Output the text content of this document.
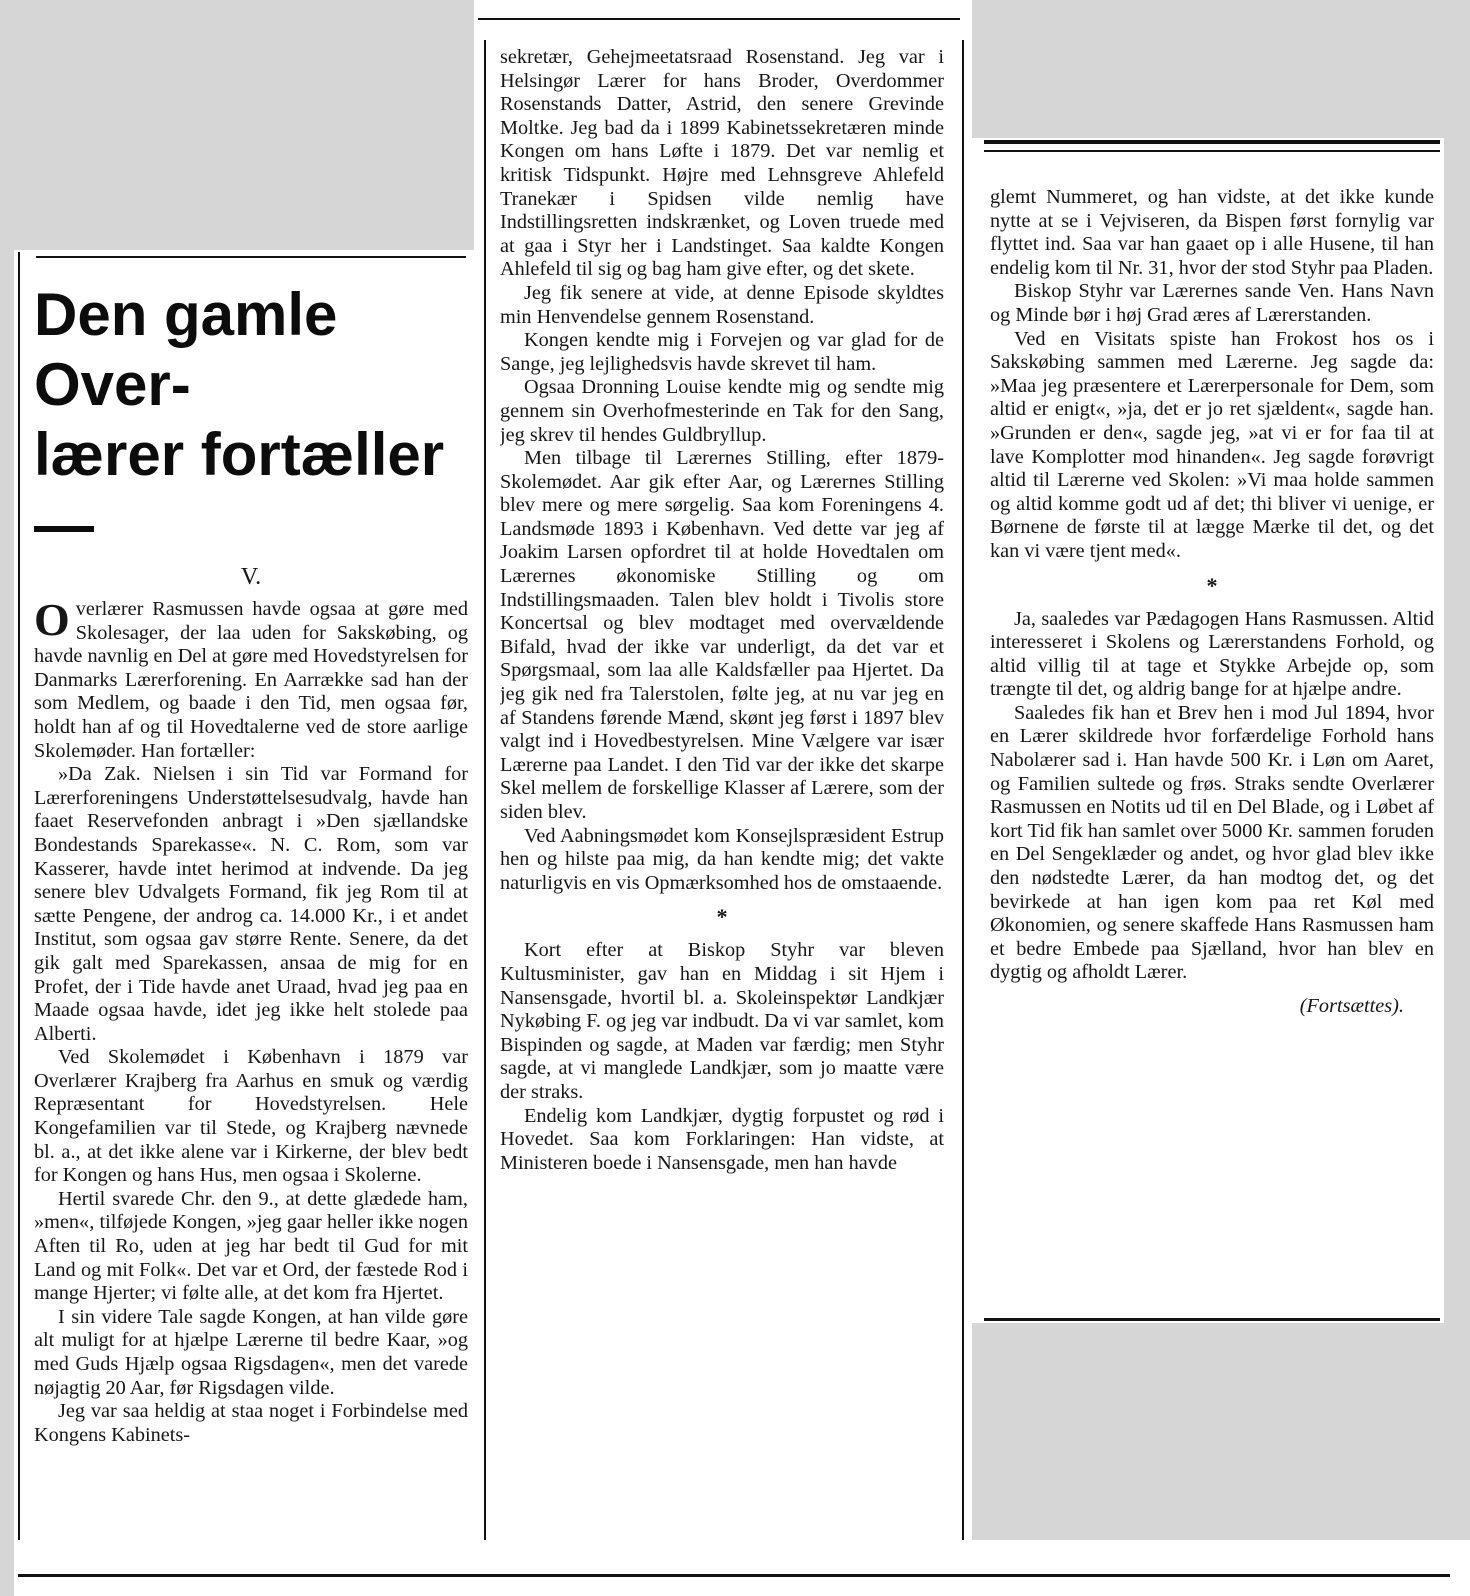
Den gamle Over-
lærer fortæller —
V.

Overlærer Rasmussen havde ogsaa at gøre med Skolesager, der laa uden for Sakskøbing, og havde navnlig en Del at gøre med Hovedstyrelsen for Danmarks Lærerforening. En Aarrække sad han der som Medlem, og baade i den Tid, men ogsaa før, holdt han af og til Hovedtalerne ved de store aarlige Skolemøder. Han fortæller:

»Da Zak. Nielsen i sin Tid var Formand for Lærerforeningens Understøttelsesudvalg, havde han faaet Reservefonden anbragt i »Den sjællandske Bondestands Sparekasse«. N. C. Rom, som var Kasserer, havde intet herimod at indvende. Da jeg senere blev Udvalgets Formand, fik jeg Rom til at sætte Pengene, der androg ca. 14.000 Kr., i et andet Institut, som ogsaa gav større Rente. Senere, da det gik galt med Sparekassen, ansaa de mig for en Profet, der i Tide havde anet Uraad, hvad jeg paa en Maade ogsaa havde, idet jeg ikke helt stolede paa Alberti.

Ved Skolemødet i København i 1879 var Overlærer Krajberg fra Aarhus en smuk og værdig Repræsentant for Hovedstyrelsen. Hele Kongefamilien var til Stede, og Krajberg nævnede bl. a., at det ikke alene var i Kirkerne, der blev bedt for Kongen og hans Hus, men ogsaa i Skolerne.

Hertil svarede Chr. den 9., at dette glædede ham, »men«, tilføjede Kongen, »jeg gaar heller ikke nogen Aften til Ro, uden at jeg har bedt til Gud for mit Land og mit Folk«. Det var et Ord, der fæstede Rod i mange Hjerter; vi følte alle, at det kom fra Hjertet.

I sin videre Tale sagde Kongen, at han vilde gøre alt muligt for at hjælpe Lærerne til bedre Kaar, »og med Guds Hjælp ogsaa Rigsdagen«, men det varede nøjagtig 20 Aar, før Rigsdagen vilde.

Jeg var saa heldig at staa noget i Forbindelse med Kongens Kabinets-

sekretær, Gehejmeetatsraad Rosenstand. Jeg var i Helsingør Lærer for hans Broder, Overdommer Rosenstands Datter, Astrid, den senere Grevinde Moltke. Jeg bad da i 1899 Kabinetssekretæren minde Kongen om hans Løfte i 1879. Det var nemlig et kritisk Tidspunkt. Højre med Lehnsgreve Ahlefeld Tranekær i Spidsen vilde nemlig have Indstillingsretten indskrænket, og Loven truede med at gaa i Styr her i Landstinget. Saa kaldte Kongen Ahlefeld til sig og bag ham give efter, og det skete.

Jeg fik senere at vide, at denne Episode skyldtes min Henvendelse gennem Rosenstand.

Kongen kendte mig i Forvejen og var glad for de Sange, jeg lejlighedsvis havde skrevet til ham.

Ogsaa Dronning Louise kendte mig og sendte mig gennem sin Overhofmesterinde en Tak for den Sang, jeg skrev til hendes Guldbryllup.

Men tilbage til Lærernes Stilling, efter 1879-Skolemødet. Aar gik efter Aar, og Lærernes Stilling blev mere og mere sørgelig. Saa kom Foreningens 4. Landsmøde 1893 i København. Ved dette var jeg af Joakim Larsen opfordret til at holde Hovedtalen om Lærernes økonomiske Stilling og om Indstillingsmaaden. Talen blev holdt i Tivolis store Koncertsal og blev modtaget med overvældende Bifald, hvad der ikke var underligt, da det var et Spørgsmaal, som laa alle Kaldsfæller paa Hjertet. Da jeg gik ned fra Talerstolen, følte jeg, at nu var jeg en af Standens førende Mænd, skønt jeg først i 1897 blev valgt ind i Hovedbestyrelsen. Mine Vælgere var især Lærerne paa Landet. I den Tid var der ikke det skarpe Skel mellem de forskellige Klasser af Lærere, som der siden blev.

Ved Aabningsmødet kom Konsejlspræsident Estrup hen og hilste paa mig, da han kendte mig; det vakte naturligvis en vis Opmærksomhed hos de omstaaende.

*

Kort efter at Biskop Styhr var bleven Kultusminister, gav han en Middag i sit Hjem i Nansensgade, hvortil bl. a. Skoleinspektør Landkjær Nykøbing F. og jeg var indbudt. Da vi var samlet, kom Bispinden og sagde, at Maden var færdig; men Styhr sagde, at vi manglede Landkjær, som jo maatte være der straks.

Endelig kom Landkjær, dygtig forpustet og rød i Hovedet. Saa kom Forklaringen: Han vidste, at Ministeren boede i Nansensgade, men han havde

glemt Nummeret, og han vidste, at det ikke kunde nytte at se i Vejviseren, da Bispen først fornylig var flyttet ind. Saa var han gaaet op i alle Husene, til han endelig kom til Nr. 31, hvor der stod Styhr paa Pladen.

Biskop Styhr var Lærernes sande Ven. Hans Navn og Minde bør i høj Grad æres af Lærerstanden.

Ved en Visitats spiste han Frokost hos os i Sakskøbing sammen med Lærerne. Jeg sagde da: »Maa jeg præsentere et Lærerpersonale for Dem, som altid er enigt«, »ja, det er jo ret sjældent«, sagde han. »Grunden er den«, sagde jeg, »at vi er for faa til at lave Komplotter mod hinanden«. Jeg sagde forøvrigt altid til Lærerne ved Skolen: »Vi maa holde sammen og altid komme godt ud af det; thi bliver vi uenige, er Børnene de første til at lægge Mærke til det, og det kan vi være tjent med«.

*

Ja, saaledes var Pædagogen Hans Rasmussen. Altid interesseret i Skolens og Lærerstandens Forhold, og altid villig til at tage et Stykke Arbejde op, som trængte til det, og aldrig bange for at hjælpe andre.

Saaledes fik han et Brev hen i mod Jul 1894, hvor en Lærer skildrede hvor forfærdelige Forhold hans Nabolærer sad i. Han havde 500 Kr. i Løn om Aaret, og Familien sultede og frøs. Straks sendte Overlærer Rasmussen en Notits ud til en Del Blade, og i Løbet af kort Tid fik han samlet over 5000 Kr. sammen foruden en Del Sengeklæder og andet, og hvor glad blev ikke den nødstedte Lærer, da han modtog det, og det bevirkede at han igen kom paa ret Køl med Økonomien, og senere skaffede Hans Rasmussen ham et bedre Embede paa Sjælland, hvor han blev en dygtig og afholdt Lærer.

(Fortsættes).
